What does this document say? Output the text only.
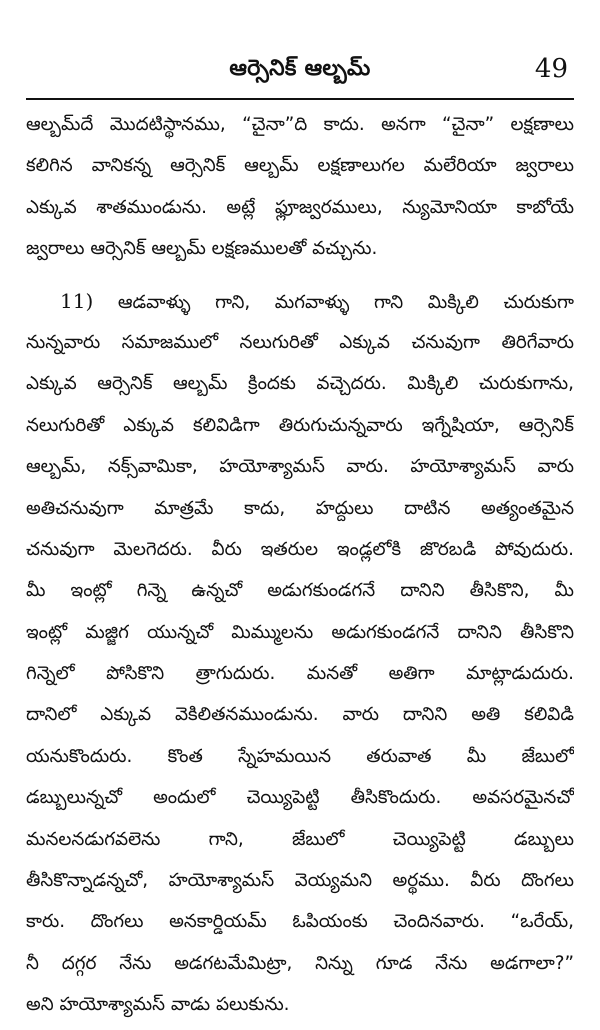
ఆర్సెనిక్ ఆల్బమ్	49
ఆల్బమ్‌దే మొదటిస్థానము, “చైనా”ది కాదు. అనగా “చైనా” లక్షణాలు
కలిగిన వానికన్న ఆర్సెనిక్ ఆల్బమ్ లక్షణాలుగల మలేరియా జ్వరాలు
ఎక్కువ శాతముండును. అట్లే ఫ్లూజ్వరములు, న్యుమోనియా కాబోయే
జ్వరాలు ఆర్సెనిక్ ఆల్బమ్ లక్షణములతో వచ్చును.
11) ఆడవాళ్ళు గాని, మగవాళ్ళు గాని మిక్కిలి చురుకుగా
నున్నవారు సమాజములో నలుగురితో ఎక్కువ చనువుగా తిరిగేవారు
ఎక్కువ ఆర్సెనిక్ ఆల్బమ్ క్రిందకు వచ్చెదరు. మిక్కిలి చురుకుగాను,
నలుగురితో ఎక్కువ కలివిడిగా తిరుగుచున్నవారు ఇగ్నేషియా, ఆర్సెనిక్
ఆల్బమ్, నక్స్‌వామికా, హయోశ్యామస్ వారు. హయోశ్యామస్ వారు
అతిచనువుగా మాత్రమే కాదు, హద్దులు దాటిన అత్యంతమైన
చనువుగా మెలగెదరు. వీరు ఇతరుల ఇండ్లలోకి జొరబడి పోవుదురు.
మీ ఇంట్లో గిన్నె ఉన్నచో అడుగకుండగనే దానిని తీసికొని, మీ
ఇంట్లో మజ్జిగ యున్నచో మిమ్ములను అడుగకుండగనే దానిని తీసికొని
గిన్నెలో పోసికొని త్రాగుదురు. మనతో అతిగా మాట్లాడుదురు.
దానిలో ఎక్కువ వెకిలితనముండును. వారు దానిని అతి కలివిడి
యనుకొందురు. కొంత స్నేహమయిన తరువాత మీ జేబులో
డబ్బులున్నచో అందులో చెయ్యిపెట్టి తీసికొందురు. అవసరమైనచో
మనలనడుగవలెను గాని, జేబులో చెయ్యిపెట్టి డబ్బులు
తీసికొన్నాడన్నచో, హయోశ్యామస్ వెయ్యమని అర్థము. వీరు దొంగలు
కారు. దొంగలు అనకార్డియమ్ ఓపియంకు చెందినవారు. “ఒరేయ్,
నీ దగ్గర నేను అడగటమేమిట్రా, నిన్ను గూడ నేను అడగాలా?”
అని హయోశ్యామస్ వాడు పలుకును.
